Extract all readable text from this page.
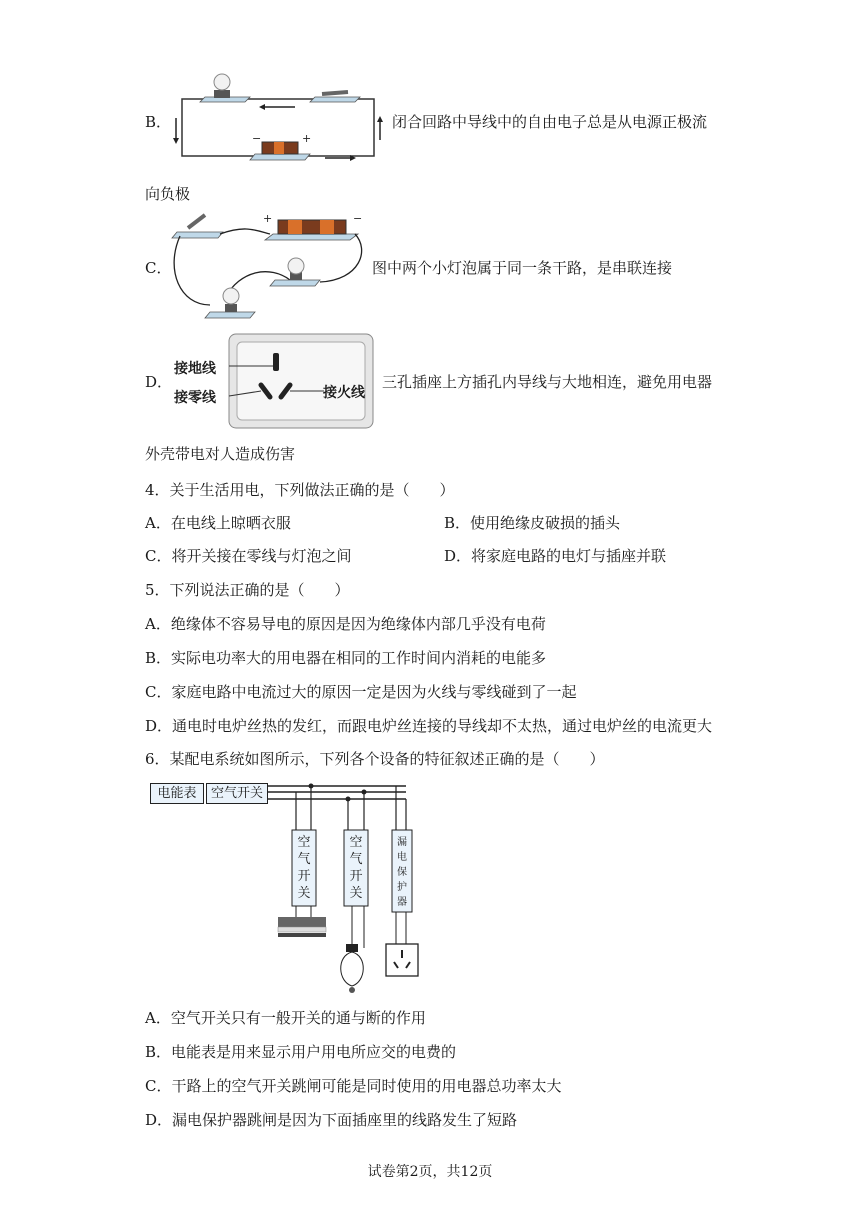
B．
−	+
闭合回路中导线中的自由电子总是从电源正极流
向负极
C．
+	−
图中两个小灯泡属于同一条干路，是串联连接
D．
接地线
接零线	接火线
三孔插座上方插孔内导线与大地相连，避免用电器
外壳带电对人造成伤害
4．关于生活用电，下列做法正确的是（　　）
A．在电线上晾晒衣服	B．使用绝缘皮破损的插头
C．将开关接在零线与灯泡之间	D．将家庭电路的电灯与插座并联
5．下列说法正确的是（　　）
A．绝缘体不容易导电的原因是因为绝缘体内部几乎没有电荷
B．实际电功率大的用电器在相同的工作时间内消耗的电能多
C．家庭电路中电流过大的原因一定是因为火线与零线碰到了一起
D．通电时电炉丝热的发红，而跟电炉丝连接的导线却不太热，通过电炉丝的电流更大
6．某配电系统如图所示，下列各个设备的特征叙述正确的是（　　）
电能表	空气开关
空气开关
空气开关
漏电保护器
A．空气开关只有一般开关的通与断的作用
B．电能表是用来显示用户用电所应交的电费的
C．干路上的空气开关跳闸可能是同时使用的用电器总功率太大
D．漏电保护器跳闸是因为下面插座里的线路发生了短路
试卷第2页，共12页
